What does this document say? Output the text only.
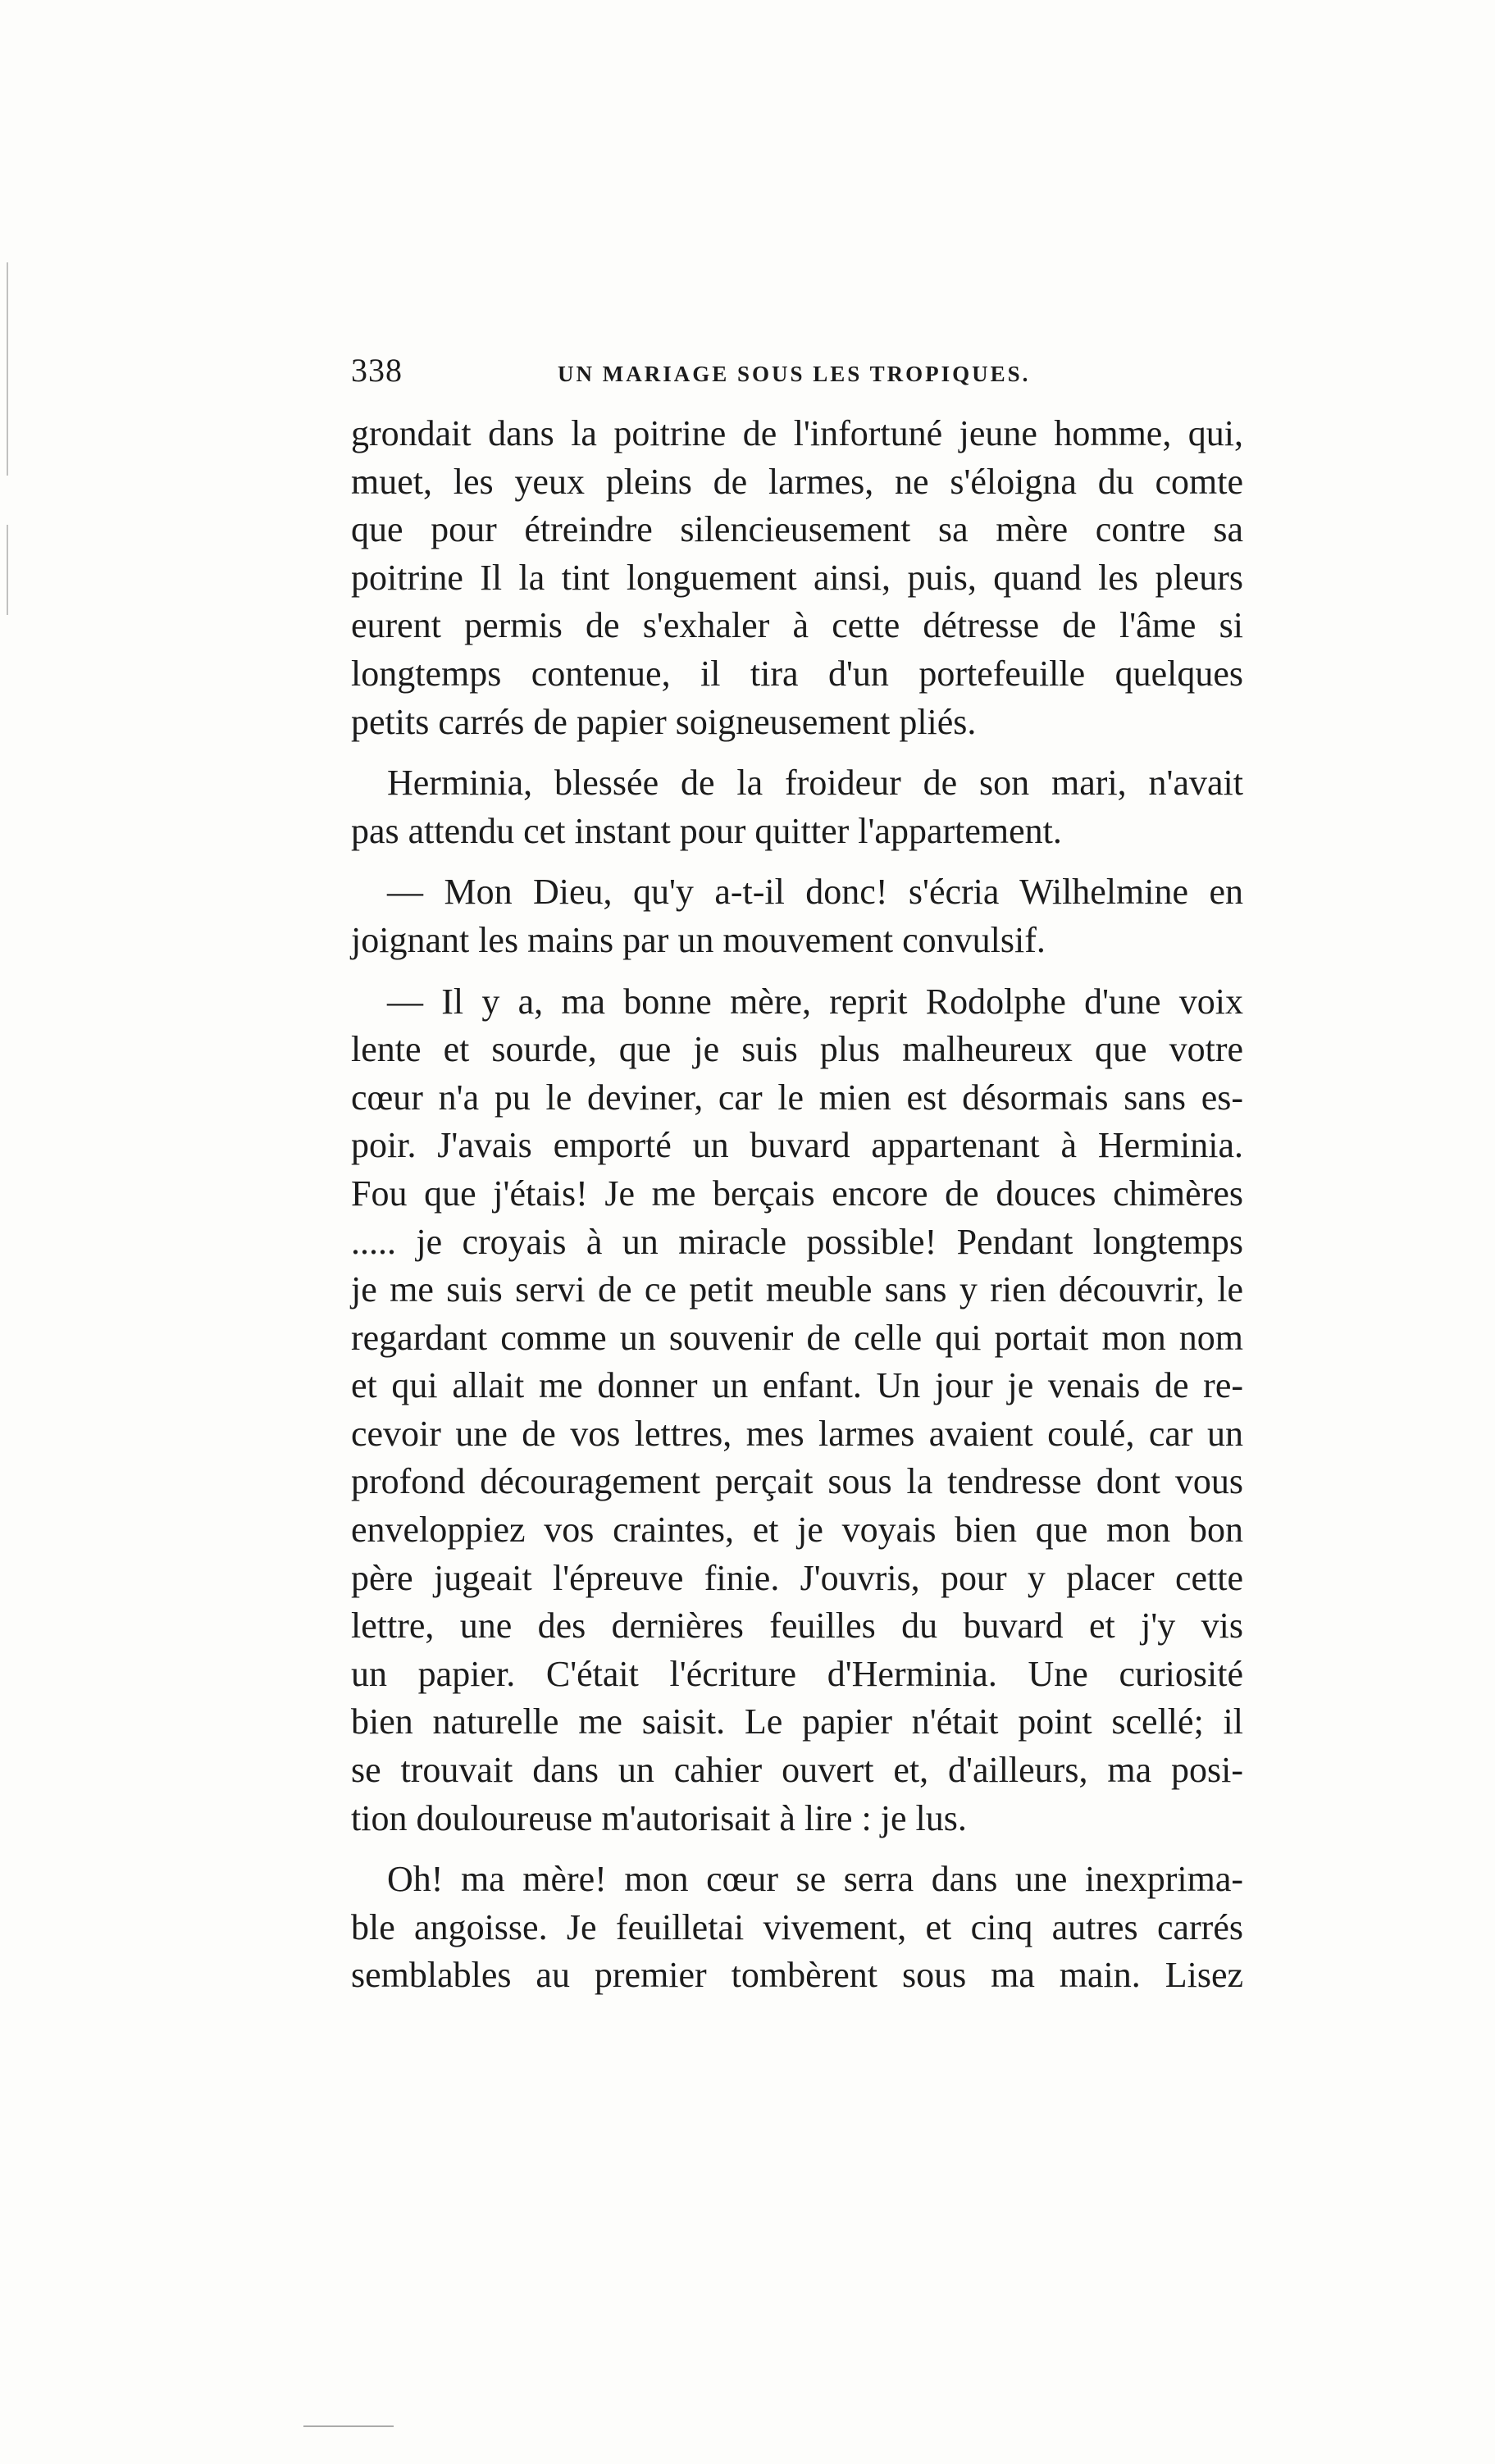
338	UN MARIAGE SOUS LES TROPIQUES.

grondait dans la poitrine de l'infortuné jeune homme, qui,
muet, les yeux pleins de larmes, ne s'éloigna du comte
que pour étreindre silencieusement sa mère contre sa
poitrine Il la tint longuement ainsi, puis, quand les pleurs
eurent permis de s'exhaler à cette détresse de l'âme si
longtemps contenue, il tira d'un portefeuille quelques
petits carrés de papier soigneusement pliés.

Herminia, blessée de la froideur de son mari, n'avait
pas attendu cet instant pour quitter l'appartement.

— Mon Dieu, qu'y a-t-il donc! s'écria Wilhelmine en
joignant les mains par un mouvement convulsif.

— Il y a, ma bonne mère, reprit Rodolphe d'une voix
lente et sourde, que je suis plus malheureux que votre
cœur n'a pu le deviner, car le mien est désormais sans es-
poir. J'avais emporté un buvard appartenant à Herminia.
Fou que j'étais! Je me berçais encore de douces chimères
..... je croyais à un miracle possible! Pendant longtemps
je me suis servi de ce petit meuble sans y rien découvrir, le
regardant comme un souvenir de celle qui portait mon nom
et qui allait me donner un enfant. Un jour je venais de re-
cevoir une de vos lettres, mes larmes avaient coulé, car un
profond découragement perçait sous la tendresse dont vous
enveloppiez vos craintes, et je voyais bien que mon bon
père jugeait l'épreuve finie. J'ouvris, pour y placer cette
lettre, une des dernières feuilles du buvard et j'y vis
un papier. C'était l'écriture d'Herminia. Une curiosité
bien naturelle me saisit. Le papier n'était point scellé; il
se trouvait dans un cahier ouvert et, d'ailleurs, ma posi-
tion douloureuse m'autorisait à lire : je lus.

Oh! ma mère! mon cœur se serra dans une inexprima-
ble angoisse. Je feuilletai vivement, et cinq autres carrés
semblables au premier tombèrent sous ma main. Lisez
